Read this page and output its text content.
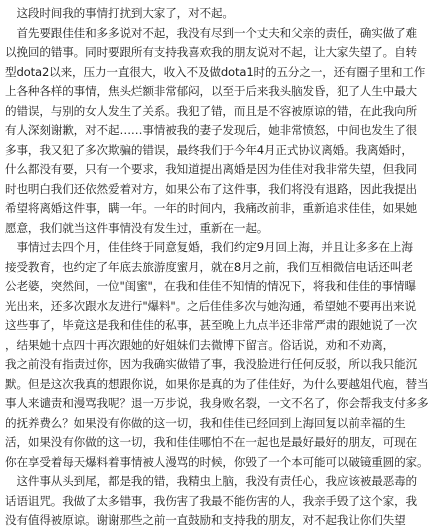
　这段时间我的事情打扰到大家了，对不起。
　首先要跟佳佳和多多说对不起，我没有尽到一个丈夫和父亲的责任，确实做了难
以挽回的错事。同时要跟所有支持我喜欢我的朋友说对不起，让大家失望了。自转
型dota2以来，压力一直很大，收入不及做dota1时的五分之一，还有圈子里和工作
上各种各样的事情，焦头烂额非常郁闷，以至于后来我头脑发昏，犯了人生中最大
的错误，与别的女人发生了关系。我犯了错，而且是不容被原谅的错，在此我向所
有人深刻谢歉，对不起……事情被我的妻子发现后，她非常愤怒，中间也发生了很
多事，我又犯了多次欺骗的错误，最终我们于今年4月正式协议离婚。我离婚时，
什么都没有要，只有一个要求，我知道提出离婚是因为佳佳对我非常失望，但我同
时也明白我们还依然爱着对方，如果公布了这件事，我们将没有退路，因此我提出
希望将离婚这件事，瞒一年。一年的时间内，我痛改前非，重新追求佳佳，如果她
愿意，我们就当这件事情没有发生过，重新在一起。
　事情过去四个月，佳佳终于同意复婚，我们约定9月回上海，并且让多多在上海
接受教育，也约定了年底去旅游度蜜月，就在8月之前，我们互相微信电话还叫老
公老婆，突然间，一位"闺蜜"，在我和佳佳不知情的情况下，将我和佳佳的事情曝
光出来，还多次跟水友进行"爆料"。之后佳佳多次与她沟通，希望她不要再出来说
这些事了，毕竟这是我和佳佳的私事，甚至晚上九点半还非常严肃的跟她说了一次
，结果她十点四十再次跟她的好姐妹们去微博下留言。俗话说，劝和不劝离，
我之前没有指责过你，因为我确实做错了事，我没脸进行任何反驳，所以我只能沉
默。但是这次我真的想跟你说，如果你是真的为了佳佳好，为什么要越俎代庖，替当
事人来谴责和漫骂我呢？退一万步说，我身败名裂，一文不名了，你会帮我支付多多
的抚养费么？如果没有你做的这一切，我和佳佳已经回到上海回复以前幸福的生
活，如果没有你做的这一切，我和佳佳哪怕不在一起也是最好最好的朋友，可现在
你在享受着每天爆料着事情被人漫骂的时候，你毁了一个本可能可以破镜重圆的家。
　这件事从头到尾，都是我的错，我精虫上脑，我没有责任心，我应该被最恶毒的
话语诅咒。我做了太多错事，我伤害了我最不能伤害的人，我亲手毁了这个家，我
没有值得被原谅。谢谢那些之前一直鼓励和支持我的朋友，对不起我让你们失望
